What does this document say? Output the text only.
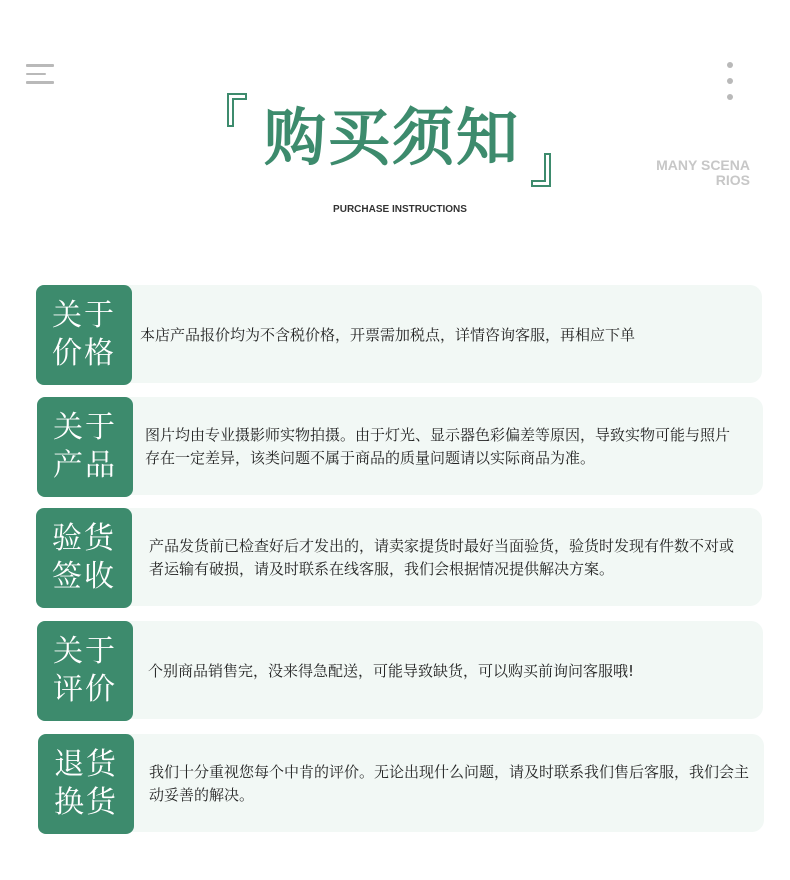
购买须知
PURCHASE INSTRUCTIONS
MANY SCENA
RIOS
关于
价格
本店产品报价均为不含税价格，开票需加税点，详情咨询客服，再相应下单
关于
产品
图片均由专业摄影师实物拍摄。由于灯光、显示器色彩偏差等原因，导致实物可能与照片存在一定差异，该类问题不属于商品的质量问题请以实际商品为准。
验货
签收
产品发货前已检查好后才发出的，请卖家提货时最好当面验货，验货时发现有件数不对或者运输有破损，请及时联系在线客服，我们会根据情况提供解决方案。
关于
评价
个别商品销售完，没来得急配送，可能导致缺货，可以购买前询问客服哦!
退货
换货
我们十分重视您每个中肯的评价。无论出现什么问题，请及时联系我们售后客服，我们会主动妥善的解决。
